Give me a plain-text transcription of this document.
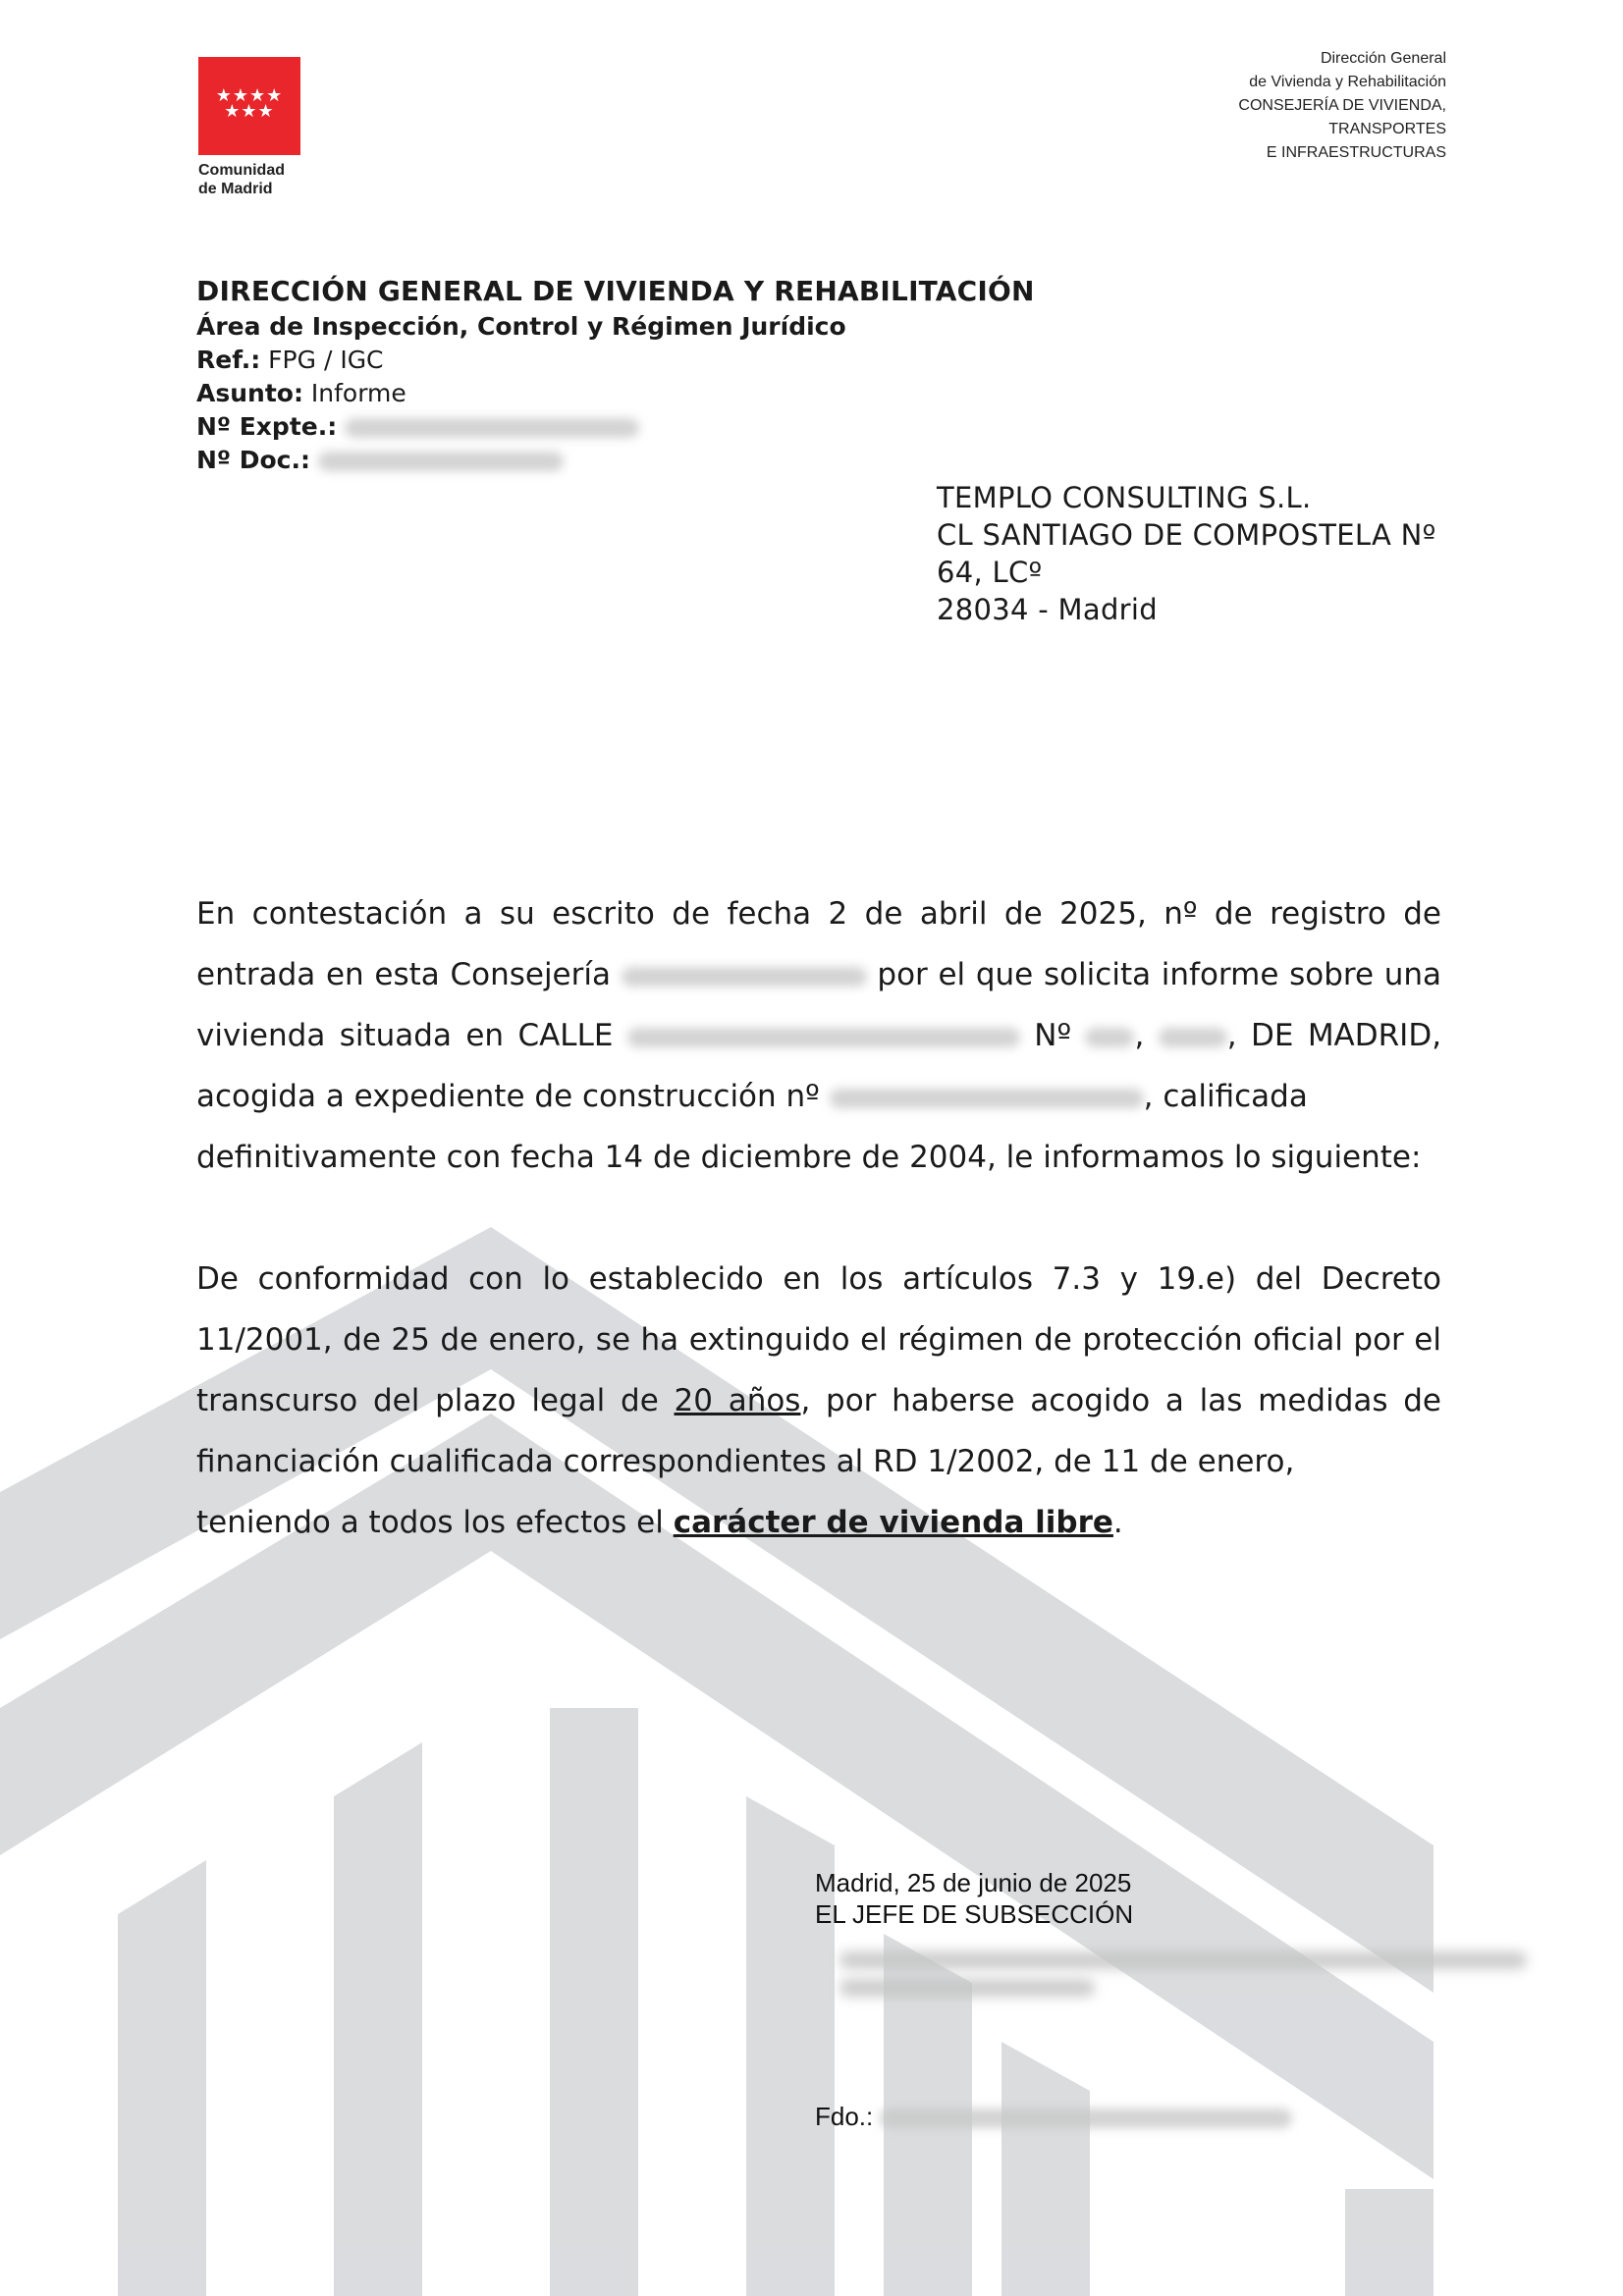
★★★★
★★★
Comunidad
de Madrid
Dirección General
de Vivienda y Rehabilitación
CONSEJERÍA DE VIVIENDA,
TRANSPORTES
E INFRAESTRUCTURAS
DIRECCIÓN GENERAL DE VIVIENDA Y REHABILITACIÓN
Área de Inspección, Control y Régimen Jurídico
Ref.: FPG / IGC
Asunto: Informe
Nº Expte.:
Nº Doc.:
TEMPLO CONSULTING S.L.
CL SANTIAGO DE COMPOSTELA Nº
64, LCº
28034 - Madrid
En contestación a su escrito de fecha 2 de abril de 2025, nº de registro de entrada en esta Consejería	por el que solicita informe sobre una vivienda situada en CALLE	Nº ,	, DE MADRID, acogida a expediente de construcción nº	, calificada
definitivamente con fecha 14 de diciembre de 2004, le informamos lo siguiente:
De conformidad con lo establecido en los artículos 7.3 y 19.e) del Decreto 11/2001, de 25 de enero, se ha extinguido el régimen de protección oficial por el transcurso del plazo legal de 20 años, por haberse acogido a las medidas de financiación cualificada correspondientes al RD 1/2002, de 11 de enero,
teniendo a todos los efectos el carácter de vivienda libre.
Madrid, 25 de junio de 2025
EL JEFE DE SUBSECCIÓN
Fdo.:
